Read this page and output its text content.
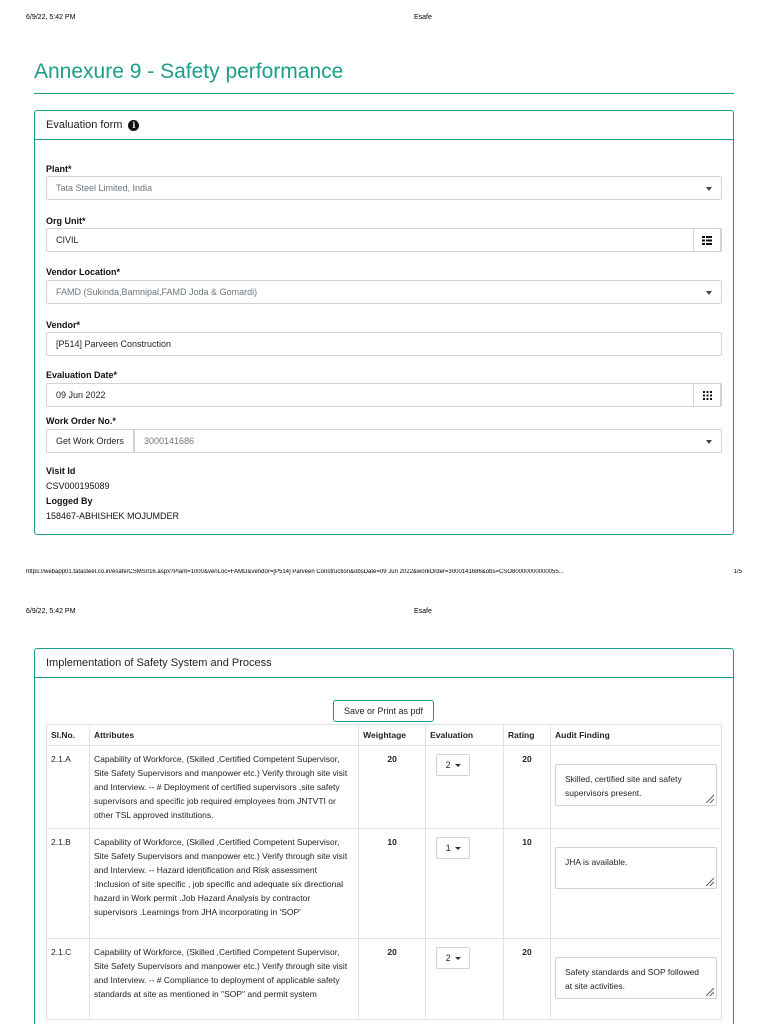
6/9/22, 5:42 PM	Esafe
Annexure 9 - Safety performance
Evaluation form	i
Plant*
Tata Steel Limited, India
Org Unit*
CIVIL
Vendor Location*
FAMD (Sukinda,Bamnipal,FAMD Joda & Gomardi)
Vendor*
[P514] Parveen Construction
Evaluation Date*
09 Jun 2022
Work Order No.*
Get Work Orders	3000141686
Visit Id
CSV000195089
Logged By
158467-ABHISHEK MOJUMDER
https://webapp01.tatasteel.co.in/esafe/CSMS016.aspx?Plant=1000&venLoc=FAMD&vendor=[P514] Parveen Construction&obsDate=09 Jun 2022&workOrder=3000141686&obs=CSO80000000000055...	1/5
6/9/22, 5:42 PM	Esafe
Implementation of Safety System and Process
Save or Print as pdf
Sl.No.	Attributes	Weightage	Evaluation	Rating	Audit Finding
2.1.A	Capability of Workforce, (Skilled ,Certified Competent Supervisor, Site Safety Supervisors and manpower etc.) Verify through site visit and Interview. -- # Deployment of certified supervisors ,site safety supervisors and specific job required employees from JNTVTI or other TSL approved institutions.	20	2	20	Skilled, certified site and safety supervisors present.

2.1.B	Capability of Workforce, (Skilled ,Certified Competent Supervisor, Site Safety Supervisors and manpower etc.) Verify through site visit and Interview. -- Hazard identification and Risk assessment :Inclusion of site specific , job specific and adequate six directional hazard in Work permit .Job Hazard Analysis by contractor supervisors .Learnings from JHA incorporating in 'SOP'	10	1	10	JHA is available.

2.1.C	Capability of Workforce, (Skilled ,Certified Competent Supervisor, Site Safety Supervisors and manpower etc.) Verify through site visit and Interview. -- # Compliance to deployment of applicable safety standards at site as mentioned in "SOP" and permit system	20	2	20	Safety standards and SOP followed at site activities.
